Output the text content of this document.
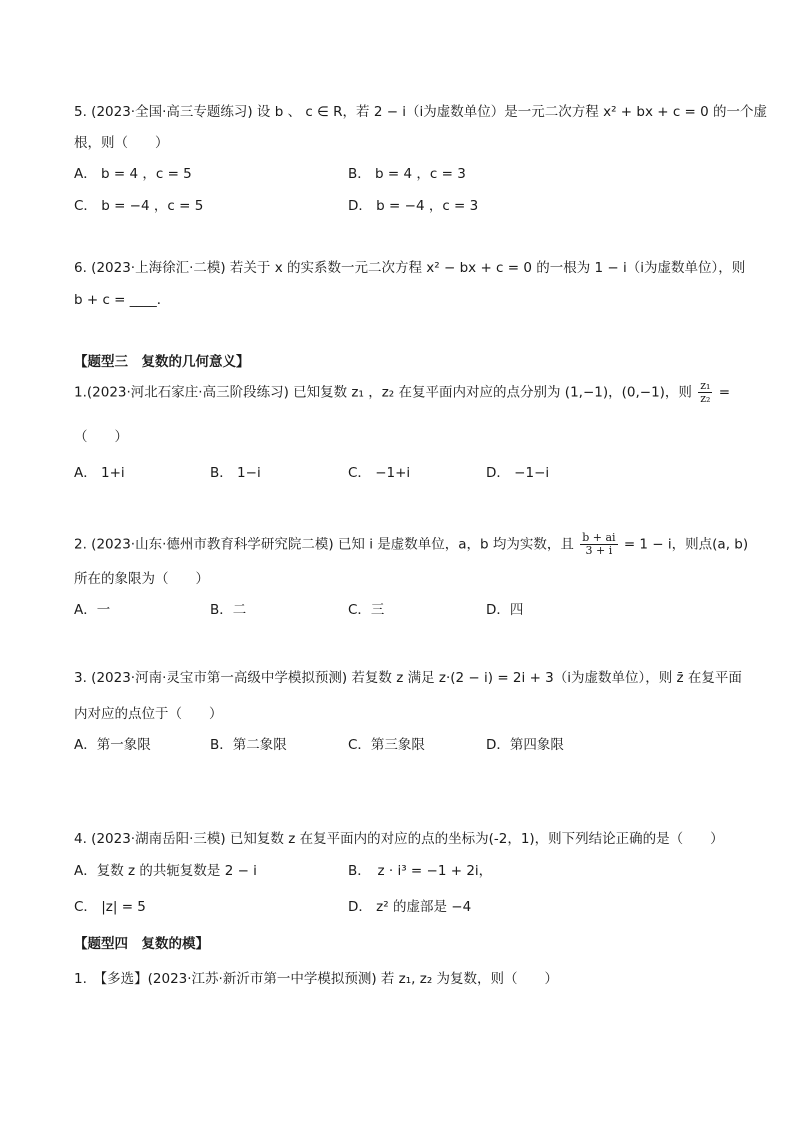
5. (2023·全国·高三专题练习) 设 b 、 c ∈ R，若 2 − i（i为虚数单位）是一元二次方程 x² + bx + c = 0 的一个虚
根，则（　　）
A． b = 4 ，c = 5	B． b = 4 ，c = 3
C． b = −4 ，c = 5	D． b = −4 ，c = 3
6. (2023·上海徐汇·二模) 若关于 x 的实系数一元二次方程 x² − bx + c = 0 的一根为 1 − i（i为虚数单位），则
b + c = ____．
【题型三　复数的几何意义】
1.(2023·河北石家庄·高三阶段练习) 已知复数 z₁ ，z₂ 在复平面内对应的点分别为 (1,−1)，(0,−1)，则 $\frac{\text{z₁}}{\text{z₂}}$ =
（　　）
A． 1+i	B． 1−i	C． −1+i	D． −1−i
2. (2023·山东·德州市教育科学研究院二模) 已知 i 是虚数单位，a，b 均为实数，且 $\frac{b + ai}{3 + i} = 1 - i$，则点(a, b)
所在的象限为（　　）
A．一	B．二	C．三	D．四
3. (2023·河南·灵宝市第一高级中学模拟预测) 若复数 z 满足 z·(2 − i) = 2i + 3（i为虚数单位），则 z̄ 在复平面
内对应的点位于（　　）
A．第一象限	B．第二象限	C．第三象限	D．第四象限
4. (2023·湖南岳阳·三模) 已知复数 z 在复平面内的对应的点的坐标为(-2，1)，则下列结论正确的是（　　）
A．复数 z 的共轭复数是 2 − i	B．　z · i³ = −1 + 2i，
C． |z| = 5	D． z² 的虚部是 −4
【题型四　复数的模】
1.　【多选】(2023·江苏·新沂市第一中学模拟预测) 若 z₁, z₂ 为复数，则（　　）
